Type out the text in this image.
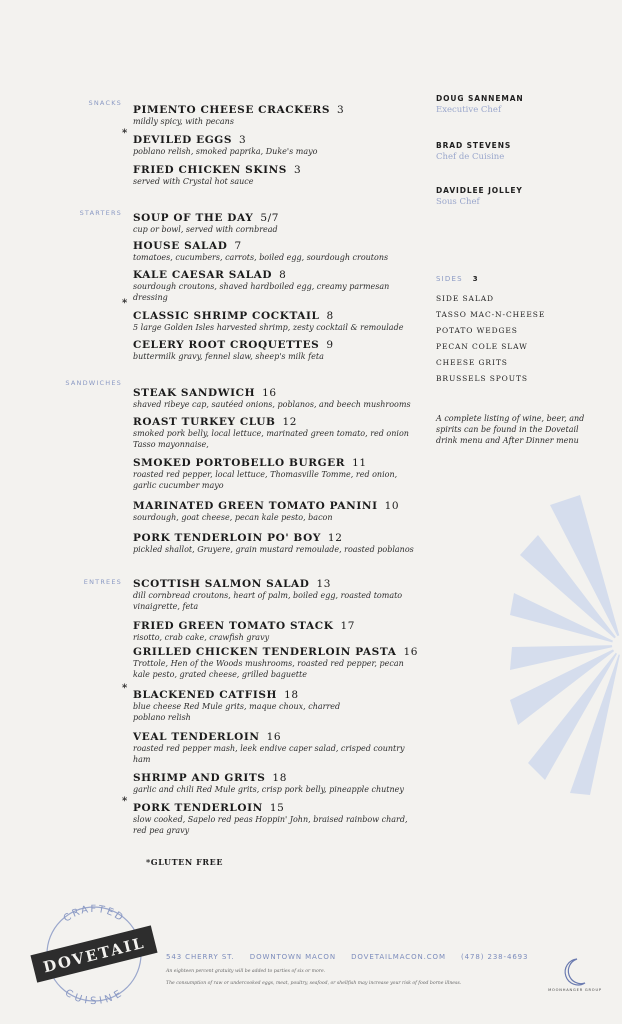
SNACKS
STARTERS
SANDWICHES
ENTREES
PIMENTO CHEESE CRACKERS 3
mildly spicy, with pecans
*
DEVILED EGGS 3
poblano relish, smoked paprika, Duke's mayo
FRIED CHICKEN SKINS 3
served with Crystal hot sauce
SOUP OF THE DAY 5/7
cup or bowl, served with cornbread
HOUSE SALAD 7
tomatoes, cucumbers, carrots, boiled egg, sourdough croutons
KALE CAESAR SALAD 8
sourdough croutons, shaved hardboiled egg, creamy parmesan dressing
*
CLASSIC SHRIMP COCKTAIL 8
5 large Golden Isles harvested shrimp, zesty cocktail & remoulade
CELERY ROOT CROQUETTES 9
buttermilk gravy, fennel slaw, sheep's milk feta
STEAK SANDWICH 16
shaved ribeye cap, sautéed onions, poblanos, and beech mushrooms
ROAST TURKEY CLUB 12
smoked pork belly, local lettuce, marinated green tomato, red onion Tasso mayonnaise,
SMOKED PORTOBELLO BURGER 11
roasted red pepper, local lettuce, Thomasville Tomme, red onion, garlic cucumber mayo
MARINATED GREEN TOMATO PANINI 10
sourdough, goat cheese, pecan kale pesto, bacon
PORK TENDERLOIN PO' BOY 12
pickled shallot, Gruyere, grain mustard remoulade, roasted poblanos
SCOTTISH SALMON SALAD 13
dill cornbread croutons, heart of palm, boiled egg, roasted tomato vinaigrette, feta
FRIED GREEN TOMATO STACK 17
risotto, crab cake, crawfish gravy
GRILLED CHICKEN TENDERLOIN PASTA 16
Trottole, Hen of the Woods mushrooms, roasted red pepper, pecan kale pesto, grated cheese, grilled baguette
*
BLACKENED CATFISH 18
blue cheese Red Mule grits, maque choux, charred poblano relish
VEAL TENDERLOIN 16
roasted red pepper mash, leek endive caper salad, crisped country ham
SHRIMP AND GRITS 18
garlic and chili Red Mule grits, crisp pork belly, pineapple chutney
*
PORK TENDERLOIN 15
slow cooked, Sapelo red peas Hoppin' John, braised rainbow chard, red pea gravy
DOUG SANNEMAN
Executive Chef
BRAD STEVENS
Chef de Cuisine
DAVIDLEE JOLLEY
Sous Chef
SIDES 3
SIDE SALAD
TASSO MAC-N-CHEESE
POTATO WEDGES
PECAN COLE SLAW
CHEESE GRITS
BRUSSELS SPOUTS
A complete listing of wine, beer, and spirits can be found in the Dovetail drink menu and After Dinner menu
*GLUTEN FREE
CRAFTED
CUISINE
DOVETAIL	543 CHERRY ST. DOWNTOWN MACON DOVETAILMACON.COM (478) 238-4693
An eighteen percent gratuity will be added to parties of six or more.
The consumption of raw or undercooked eggs, meat, poultry, seafood, or shellfish may increase your risk of food borne illness.
MOONHANGER GROUP
